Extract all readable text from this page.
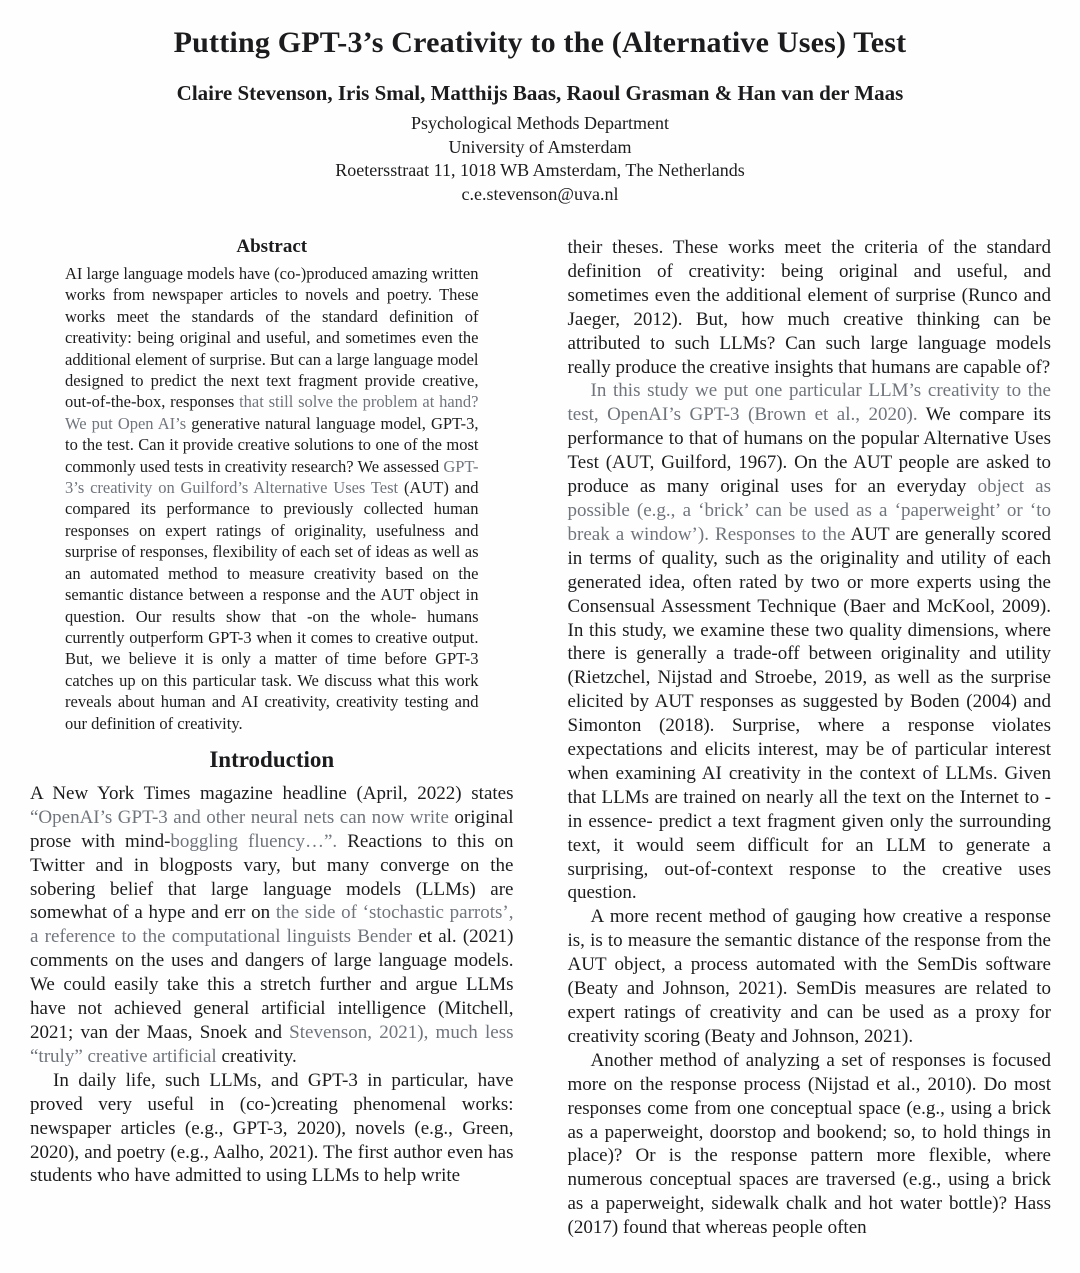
Putting GPT-3’s Creativity to the (Alternative Uses) Test
Claire Stevenson, Iris Smal, Matthijs Baas, Raoul Grasman & Han van der Maas
Psychological Methods Department
University of Amsterdam
Roetersstraat 11, 1018 WB Amsterdam, The Netherlands
c.e.stevenson@uva.nl
Abstract

AI large language models have (co-)produced amazing written works from newspaper articles to novels and poetry. These works meet the standards of the standard definition of creativity: being original and useful, and sometimes even the additional element of surprise. But can a large language model designed to predict the next text fragment provide creative, out-of-the-box, responses that still solve the problem at hand? We put Open AI’s generative natural language model, GPT-3, to the test. Can it provide creative solutions to one of the most commonly used tests in creativity research? We assessed GPT-3’s creativity on Guilford’s Alternative Uses Test (AUT) and compared its performance to previously collected human responses on expert ratings of originality, usefulness and surprise of responses, flexibility of each set of ideas as well as an automated method to measure creativity based on the semantic distance between a response and the AUT object in question. Our results show that -on the whole- humans currently outperform GPT-3 when it comes to creative output. But, we believe it is only a matter of time before GPT-3 catches up on this particular task. We discuss what this work reveals about human and AI creativity, creativity testing and our definition of creativity.

Introduction

A New York Times magazine headline (April, 2022) states “OpenAI’s GPT-3 and other neural nets can now write original prose with mind-boggling fluency…”. Reactions to this on Twitter and in blogposts vary, but many converge on the sobering belief that large language models (LLMs) are somewhat of a hype and err on the side of ‘stochastic parrots’, a reference to the computational linguists Bender et al. (2021) comments on the uses and dangers of large language models. We could easily take this a stretch further and argue LLMs have not achieved general artificial intelligence (Mitchell, 2021; van der Maas, Snoek and Stevenson, 2021), much less “truly” creative artificial creativity.

In daily life, such LLMs, and GPT-3 in particular, have proved very useful in (co-)creating phenomenal works: newspaper articles (e.g., GPT-3, 2020), novels (e.g., Green, 2020), and poetry (e.g., Aalho, 2021). The first author even has students who have admitted to using LLMs to help write

their theses. These works meet the criteria of the standard definition of creativity: being original and useful, and sometimes even the additional element of surprise (Runco and Jaeger, 2012). But, how much creative thinking can be attributed to such LLMs? Can such large language models really produce the creative insights that humans are capable of?

In this study we put one particular LLM’s creativity to the test, OpenAI’s GPT-3 (Brown et al., 2020). We compare its performance to that of humans on the popular Alternative Uses Test (AUT, Guilford, 1967). On the AUT people are asked to produce as many original uses for an everyday object as possible (e.g., a ‘brick’ can be used as a ‘paperweight’ or ‘to break a window’). Responses to the AUT are generally scored in terms of quality, such as the originality and utility of each generated idea, often rated by two or more experts using the Consensual Assessment Technique (Baer and McKool, 2009). In this study, we examine these two quality dimensions, where there is generally a trade-off between originality and utility (Rietzchel, Nijstad and Stroebe, 2019, as well as the surprise elicited by AUT responses as suggested by Boden (2004) and Simonton (2018). Surprise, where a response violates expectations and elicits interest, may be of particular interest when examining AI creativity in the context of LLMs. Given that LLMs are trained on nearly all the text on the Internet to -in essence- predict a text fragment given only the surrounding text, it would seem difficult for an LLM to generate a surprising, out-of-context response to the creative uses question.

A more recent method of gauging how creative a response is, is to measure the semantic distance of the response from the AUT object, a process automated with the SemDis software (Beaty and Johnson, 2021). SemDis measures are related to expert ratings of creativity and can be used as a proxy for creativity scoring (Beaty and Johnson, 2021).

Another method of analyzing a set of responses is focused more on the response process (Nijstad et al., 2010). Do most responses come from one conceptual space (e.g., using a brick as a paperweight, doorstop and bookend; so, to hold things in place)? Or is the response pattern more flexible, where numerous conceptual spaces are traversed (e.g., using a brick as a paperweight, sidewalk chalk and hot water bottle)? Hass (2017) found that whereas people often
